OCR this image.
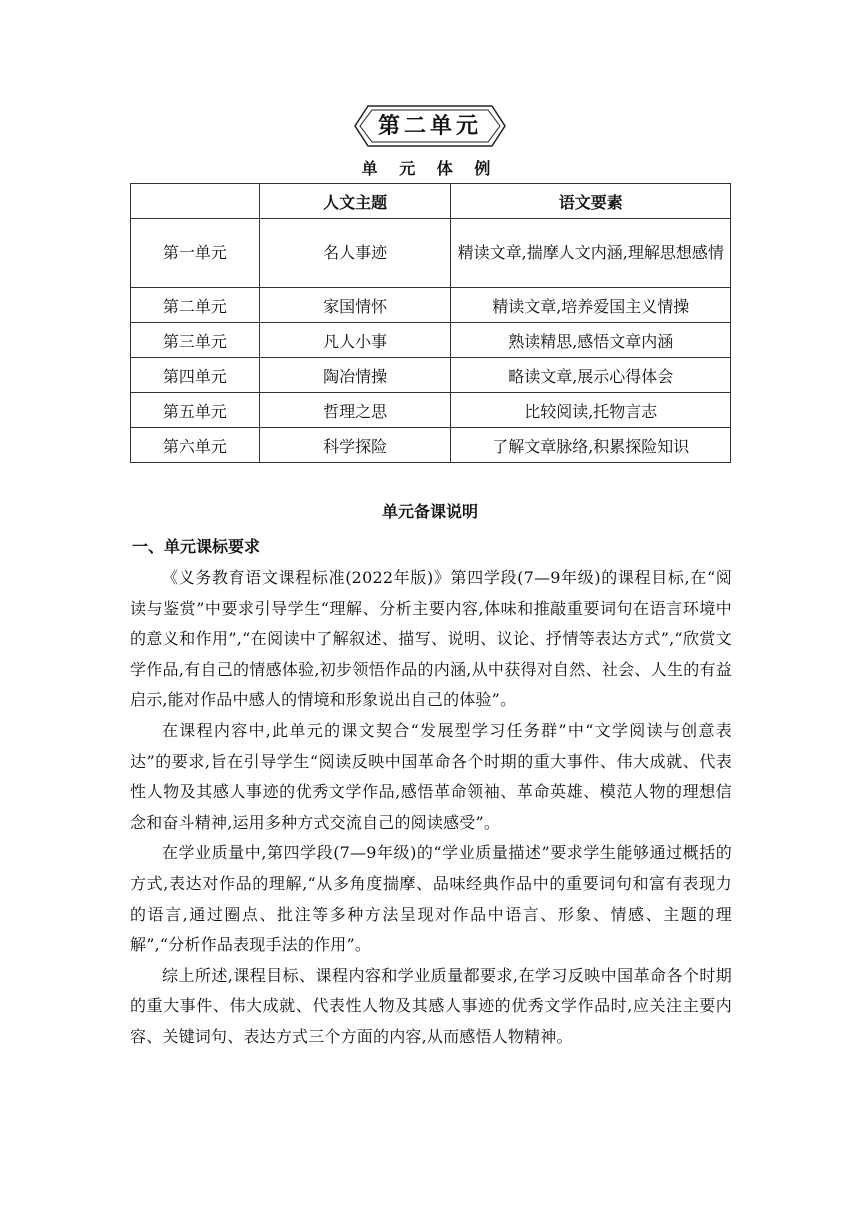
第二单元
单 元 体 例
	人文主题	语文要素
第一单元	名人事迹	精读文章,揣摩人文内涵,理解思想感情
第二单元	家国情怀	精读文章,培养爱国主义情操
第三单元	凡人小事	熟读精思,感悟文章内涵
第四单元	陶冶情操	略读文章,展示心得体会
第五单元	哲理之思	比较阅读,托物言志
第六单元	科学探险	了解文章脉络,积累探险知识
单元备课说明
一、单元课标要求

《义务教育语文课程标准(2022年版)》第四学段(7—9年级)的课程目标,在“阅读与鉴赏”中要求引导学生“理解、分析主要内容,体味和推敲重要词句在语言环境中的意义和作用”,“在阅读中了解叙述、描写、说明、议论、抒情等表达方式”,“欣赏文学作品,有自己的情感体验,初步领悟作品的内涵,从中获得对自然、社会、人生的有益启示,能对作品中感人的情境和形象说出自己的体验”。

在课程内容中,此单元的课文契合“发展型学习任务群”中“文学阅读与创意表达”的要求,旨在引导学生“阅读反映中国革命各个时期的重大事件、伟大成就、代表性人物及其感人事迹的优秀文学作品,感悟革命领袖、革命英雄、模范人物的理想信念和奋斗精神,运用多种方式交流自己的阅读感受”。

在学业质量中,第四学段(7—9年级)的“学业质量描述”要求学生能够通过概括的方式,表达对作品的理解,“从多角度揣摩、品味经典作品中的重要词句和富有表现力的语言,通过圈点、批注等多种方法呈现对作品中语言、形象、情感、主题的理解”,“分析作品表现手法的作用”。

综上所述,课程目标、课程内容和学业质量都要求,在学习反映中国革命各个时期的重大事件、伟大成就、代表性人物及其感人事迹的优秀文学作品时,应关注主要内容、关键词句、表达方式三个方面的内容,从而感悟人物精神。
